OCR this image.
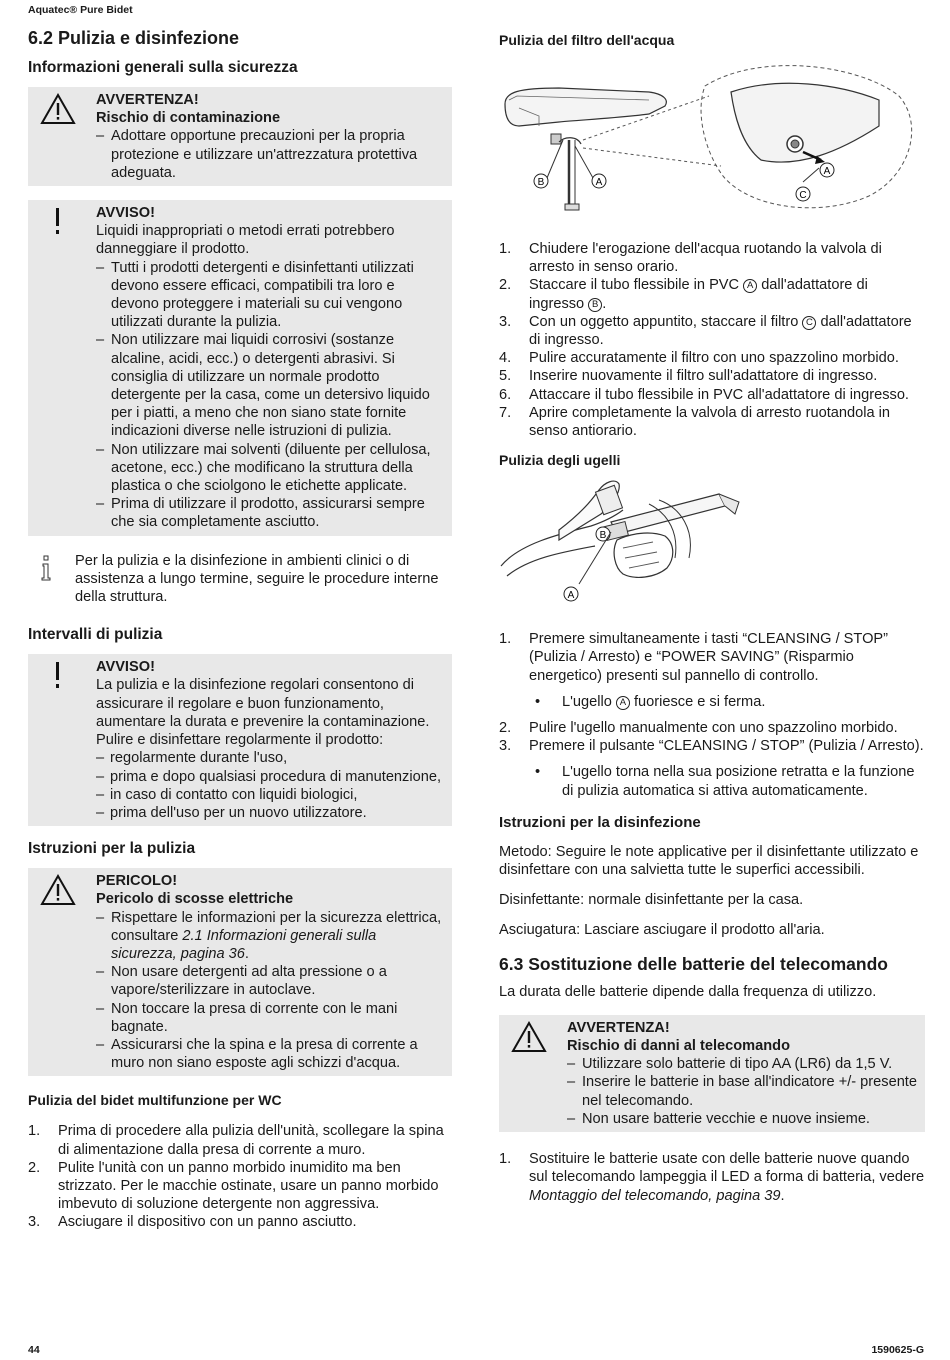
Aquatec® Pure Bidet
6.2 Pulizia e disinfezione
Informazioni generali sulla sicurezza
AVVERTENZA!
Rischio di contaminazione

– Adottare opportune precauzioni per la propria protezione e utilizzare un'attrezzatura protettiva adeguata.

AVVISO!

Liquidi inappropriati o metodi errati potrebbero danneggiare il prodotto.

– Tutti i prodotti detergenti e disinfettanti utilizzati devono essere efficaci, compatibili tra loro e devono proteggere i materiali su cui vengono utilizzati durante la pulizia.

– Non utilizzare mai liquidi corrosivi (sostanze alcaline, acidi, ecc.) o detergenti abrasivi. Si consiglia di utilizzare un normale prodotto detergente per la casa, come un detersivo liquido per i piatti, a meno che non siano state fornite indicazioni diverse nelle istruzioni di pulizia.

– Non utilizzare mai solventi (diluente per cellulosa, acetone, ecc.) che modificano la struttura della plastica o che sciolgono le etichette applicate.

– Prima di utilizzare il prodotto, assicurarsi sempre che sia completamente asciutto.

Per la pulizia e la disinfezione in ambienti clinici o di assistenza a lungo termine, seguire le procedure interne della struttura.

Intervalli di pulizia
AVVISO!

La pulizia e la disinfezione regolari consentono di assicurare il regolare e buon funzionamento, aumentare la durata e prevenire la contaminazione.

Pulire e disinfettare regolarmente il prodotto:

– regolarmente durante l'uso,

– prima e dopo qualsiasi procedura di manutenzione,

– in caso di contatto con liquidi biologici,

– prima dell'uso per un nuovo utilizzatore.

Istruzioni per la pulizia
PERICOLO!
Pericolo di scosse elettriche

– Rispettare le informazioni per la sicurezza elettrica, consultare 2.1 Informazioni generali sulla sicurezza, pagina 36.

– Non usare detergenti ad alta pressione o a vapore/sterilizzare in autoclave.

– Non toccare la presa di corrente con le mani bagnate.

– Assicurarsi che la spina e la presa di corrente a muro non siano esposte agli schizzi d'acqua.

Pulizia del bidet multifunzione per WC
1. Prima di procedere alla pulizia dell'unità, scollegare la spina di alimentazione dalla presa di corrente a muro.
2. Pulite l'unità con un panno morbido inumidito ma ben strizzato. Per le macchie ostinate, usare un panno morbido imbevuto di soluzione detergente non aggressiva.
3. Asciugare il dispositivo con un panno asciutto.
Pulizia del filtro dell'acqua
B	A
A
C
1. Chiudere l'erogazione dell'acqua ruotando la valvola di arresto in senso orario.
2. Staccare il tubo flessibile in PVC A dall'adattatore di ingresso B .
3. Con un oggetto appuntito, staccare il filtro C dall'adattatore di ingresso.
4. Pulire accuratamente il filtro con uno spazzolino morbido.
5. Inserire nuovamente il filtro sull'adattatore di ingresso.
6. Attaccare il tubo flessibile in PVC all'adattatore di ingresso.
7. Aprire completamente la valvola di arresto ruotandola in senso antiorario.
Pulizia degli ugelli
B
A
1. Premere simultaneamente i tasti “CLEANSING / STOP” (Pulizia / Arresto) e “POWER SAVING” (Risparmio energetico) presenti sul pannello di controllo.

• L'ugello A fuoriesce e si ferma.

2. Pulire l'ugello manualmente con uno spazzolino morbido.
3. Premere il pulsante “CLEANSING / STOP” (Pulizia / Arresto).

• L'ugello torna nella sua posizione retratta e la funzione di pulizia automatica si attiva automaticamente.

Istruzioni per la disinfezione

Metodo: Seguire le note applicative per il disinfettante utilizzato e disinfettare con una salvietta tutte le superfici accessibili.

Disinfettante: normale disinfettante per la casa.

Asciugatura: Lasciare asciugare il prodotto all'aria.

6.3 Sostituzione delle batterie del telecomando

La durata delle batterie dipende dalla frequenza di utilizzo.

AVVERTENZA!
Rischio di danni al telecomando

– Utilizzare solo batterie di tipo AA (LR6) da 1,5 V.

– Inserire le batterie in base all'indicatore +/- presente nel telecomando.

– Non usare batterie vecchie e nuove insieme.

1. Sostituire le batterie usate con delle batterie nuove quando sul telecomando lampeggia il LED a forma di batteria, vedere Montaggio del telecomando, pagina 39.
44	1590625-G
